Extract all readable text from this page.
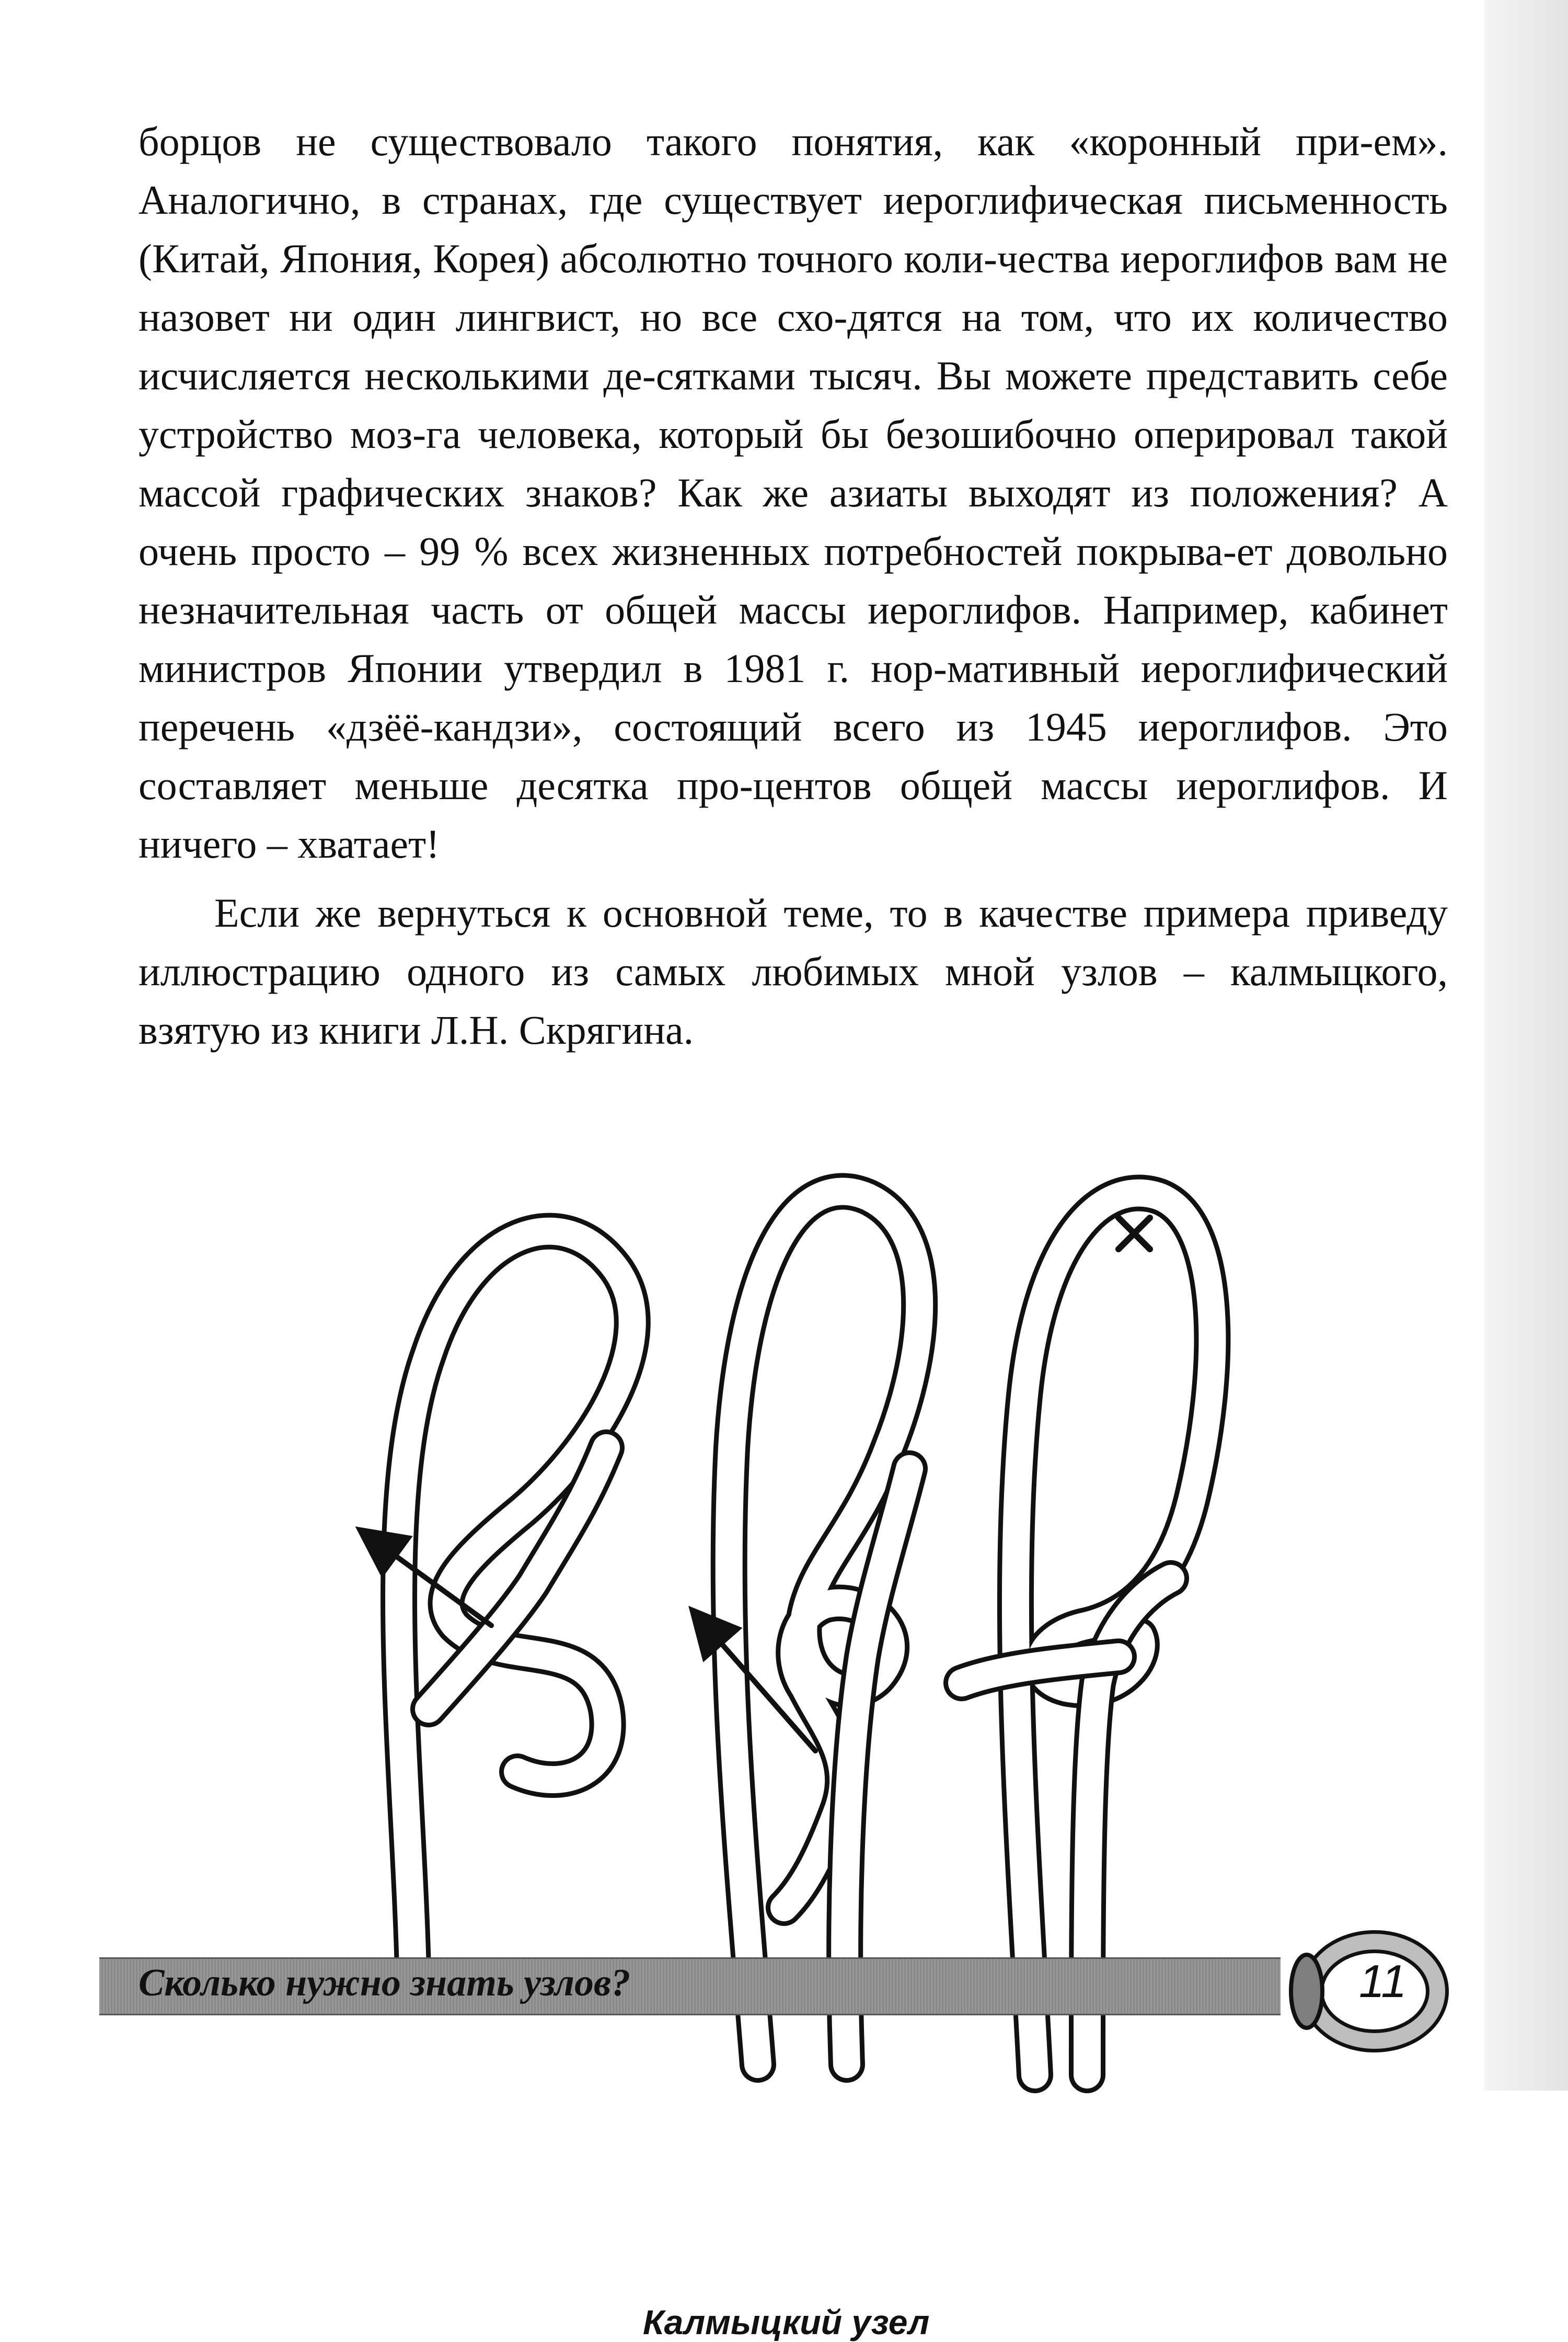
борцов не существовало такого понятия, как «коронный при-ем». Аналогично, в странах, где существует иероглифическая письменность (Китай, Япония, Корея) абсолютно точного коли-чества иероглифов вам не назовет ни один лингвист, но все схо-дятся на том, что их количество исчисляется несколькими де-сятками тысяч. Вы можете представить себе устройство моз-га человека, который бы безошибочно оперировал такой массой графических знаков? Как же азиаты выходят из положения? А очень просто – 99 % всех жизненных потребностей покрыва-ет довольно незначительная часть от общей массы иероглифов. Например, кабинет министров Японии утвердил в 1981 г. нор-мативный иероглифический перечень «дзёё-кандзи», состоящий всего из 1945 иероглифов. Это составляет меньше десятка про-центов общей массы иероглифов. И ничего – хватает!

Если же вернуться к основной теме, то в качестве примера приведу иллюстрацию одного из самых любимых мной узлов – калмыцкого, взятую из книги Л.Н. Скрягина.

Калмыцкий узел
Сколько нужно знать узлов?	11
